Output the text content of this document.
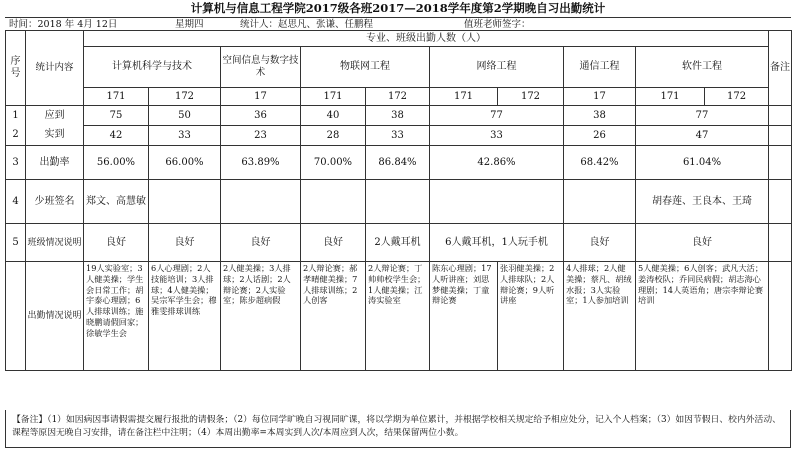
计算机与信息工程学院2017级各班2017—2018学年度第2学期晚自习出勤统计
时间：2018 年 4月 12日	星期四	统计人：赵思凡、张谦、任鹏程	值班老师签字：
序号	统计内容	专业、班级出勤人数（人）										备注
		计算机科学与技术		空间信息与数字技术	物联网工程		网络工程		通信工程	软件工程		
		171	172	17	171	172	171	172	17	171	172	
1	应到	75	50	36	40	38	77		38	77		
2	实到	42	33	23	28	33	33		26	47		
3	出勤率	56.00%	66.00%	63.89%	70.00%	86.84%	42.86%		68.42%	61.04%		
4	少班签名	郑文、高慧敏								胡春莲、王良本、王琦		
5	班级情况说明	良好	良好	良好	良好	2人戴耳机	6人戴耳机，1人玩手机		良好	良好		
	出勤情况说明	19人实验室；3人健美操；学生会日常工作；胡宇泰心理剧；6人排球训练；施晓鹏请假回家；徐敏学生会	6人心理剧；2人技能培训；3人排球；4人健美操；吴宗军学生会；穆雅雯排球训练	2人健美操；3人排球；2人话剧；2人辩论赛；2人实验室；陈步超病假	2人辩论赛；郝孝晴健美操；7人排球训练；2人创客	2人辩论赛；丁帅帅校学生会；1人健美操；江涛实验室	陈东心理剧；17人听讲座；刘思梦健美操；丁童辩论赛	张羽健美操；2人排球队；2人辩论赛；9人听讲座	4人排球；2人健美操；蔡凡、胡绒水报；3人实验室；1人参加培训	5人健美操；6人创客；武凡大活；姜涛校队；乔同民病假；胡志海心理剧；14人英语角；唐宗李辩论赛培训		
【备注】（1）如因病因事请假需提交履行报批的请假条；（2）每位同学旷晚自习视同旷课，将以学期为单位累计，并根据学校相关规定给予相应处分，记入个人档案；（3）如因节假日、校内外活动、课程等原因无晚自习安排，请在备注栏中注明；（4）本周出勤率=本周实到人次/本周应到人次，结果保留两位小数。
